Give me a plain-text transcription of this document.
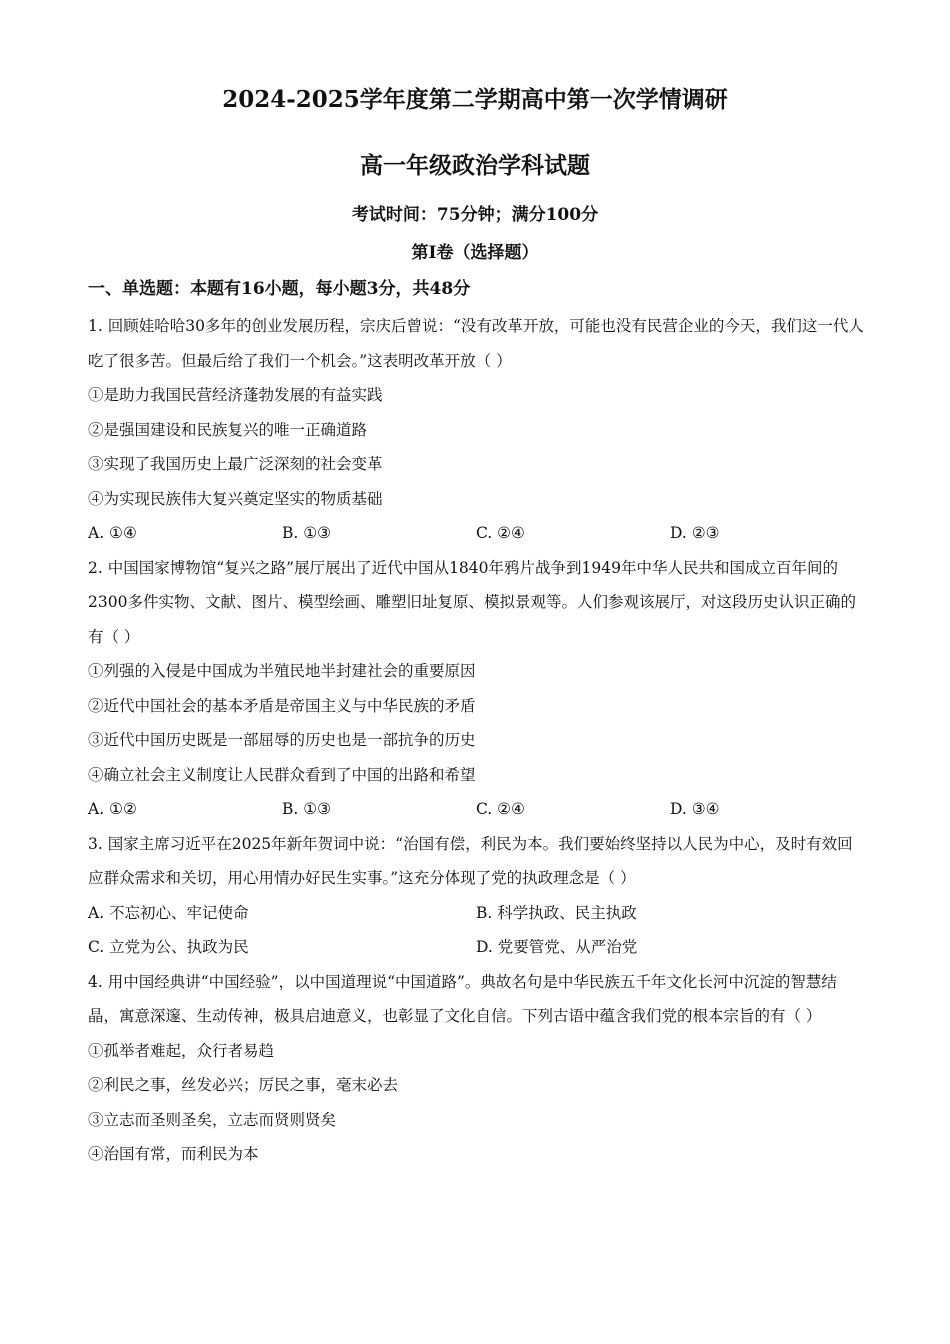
2024-2025学年度第二学期高中第一次学情调研
高一年级政治学科试题
考试时间：75分钟；满分100分
第Ⅰ卷（选择题）
一、单选题：本题有16小题，每小题3分，共48分

1. 回顾娃哈哈30多年的创业发展历程，宗庆后曾说：“没有改革开放，可能也没有民营企业的今天，我们这一代人吃了很多苦。但最后给了我们一个机会。”这表明改革开放（ ）

①是助力我国民营经济蓬勃发展的有益实践

②是强国建设和民族复兴的唯一正确道路

③实现了我国历史上最广泛深刻的社会变革

④为实现民族伟大复兴奠定坚实的物质基础

A. ①④	B. ①③	C. ②④	D. ②③

2. 中国国家博物馆“复兴之路”展厅展出了近代中国从1840年鸦片战争到1949年中华人民共和国成立百年间的2300多件实物、文献、图片、模型绘画、雕塑旧址复原、模拟景观等。人们参观该展厅，对这段历史认识正确的有（ ）

①列强的入侵是中国成为半殖民地半封建社会的重要原因

②近代中国社会的基本矛盾是帝国主义与中华民族的矛盾

③近代中国历史既是一部屈辱的历史也是一部抗争的历史

④确立社会主义制度让人民群众看到了中国的出路和希望

A. ①②	B. ①③	C. ②④	D. ③④

3. 国家主席习近平在2025年新年贺词中说：“治国有偿，利民为本。我们要始终坚持以人民为中心，及时有效回应群众需求和关切，用心用情办好民生实事。”这充分体现了党的执政理念是（ ）

A. 不忘初心、牢记使命	B. 科学执政、民主执政
C. 立党为公、执政为民	D. 党要管党、从严治党

4. 用中国经典讲“中国经验”，以中国道理说“中国道路”。典故名句是中华民族五千年文化长河中沉淀的智慧结晶，寓意深邃、生动传神，极具启迪意义，也彰显了文化自信。下列古语中蕴含我们党的根本宗旨的有（ ）

①孤举者难起，众行者易趋

②利民之事，丝发必兴；厉民之事，毫末必去

③立志而圣则圣矣，立志而贤则贤矣

④治国有常，而利民为本
